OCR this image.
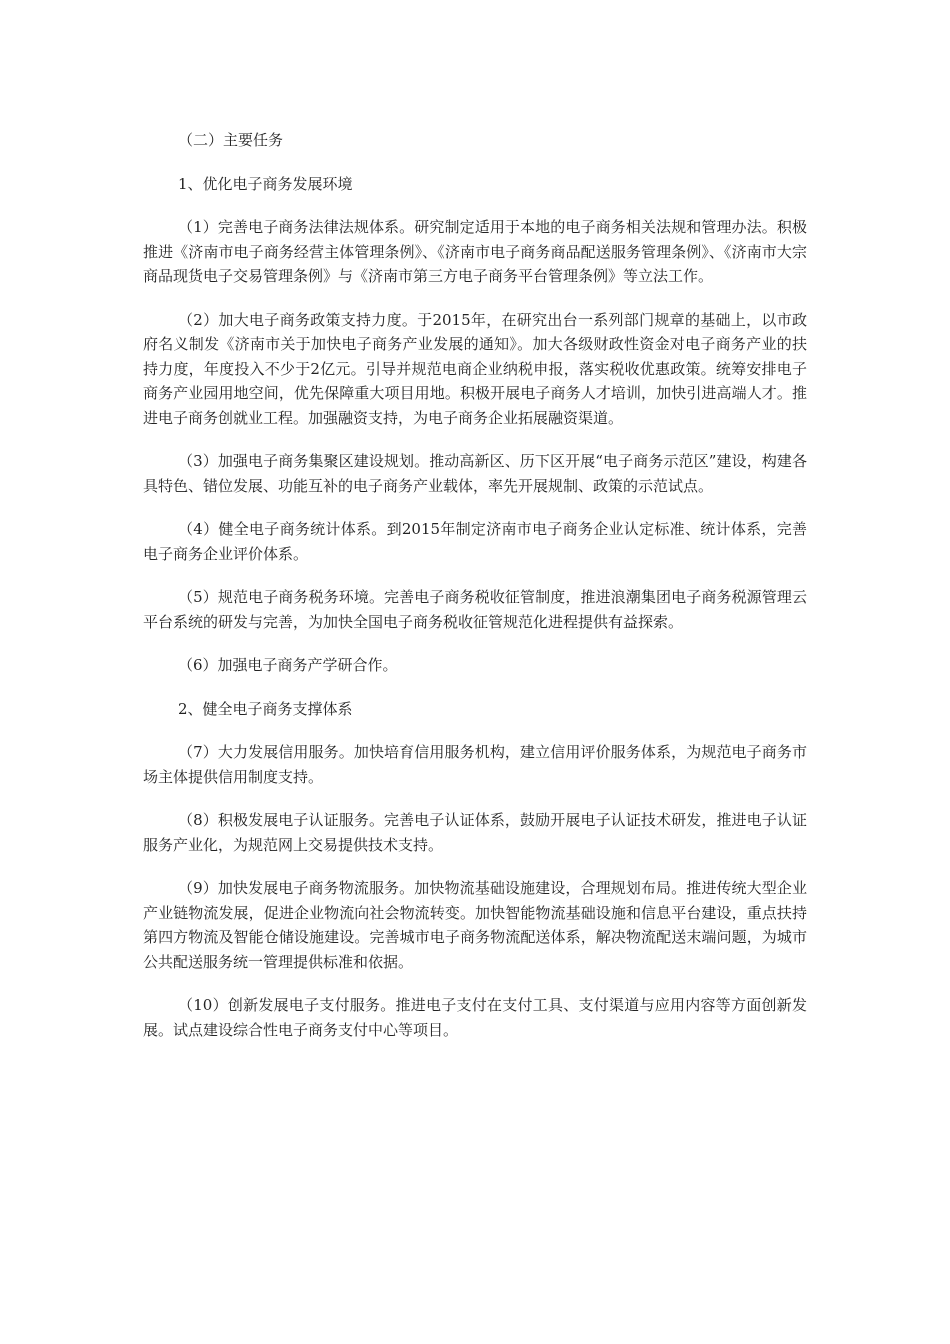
（二）主要任务

1、优化电子商务发展环境

（1）完善电子商务法律法规体系。研究制定适用于本地的电子商务相关法规和管理办法。积极推进《济南市电子商务经营主体管理条例》、《济南市电子商务商品配送服务管理条例》、《济南市大宗商品现货电子交易管理条例》与《济南市第三方电子商务平台管理条例》等立法工作。

（2）加大电子商务政策支持力度。于2015年，在研究出台一系列部门规章的基础上，以市政府名义制发《济南市关于加快电子商务产业发展的通知》。加大各级财政性资金对电子商务产业的扶持力度，年度投入不少于2亿元。引导并规范电商企业纳税申报，落实税收优惠政策。统筹安排电子商务产业园用地空间，优先保障重大项目用地。积极开展电子商务人才培训，加快引进高端人才。推进电子商务创就业工程。加强融资支持，为电子商务企业拓展融资渠道。

（3）加强电子商务集聚区建设规划。推动高新区、历下区开展“电子商务示范区”建设，构建各具特色、错位发展、功能互补的电子商务产业载体，率先开展规制、政策的示范试点。

（4）健全电子商务统计体系。到2015年制定济南市电子商务企业认定标准、统计体系，完善电子商务企业评价体系。

（5）规范电子商务税务环境。完善电子商务税收征管制度，推进浪潮集团电子商务税源管理云平台系统的研发与完善，为加快全国电子商务税收征管规范化进程提供有益探索。

（6）加强电子商务产学研合作。

2、健全电子商务支撑体系

（7）大力发展信用服务。加快培育信用服务机构，建立信用评价服务体系，为规范电子商务市场主体提供信用制度支持。

（8）积极发展电子认证服务。完善电子认证体系，鼓励开展电子认证技术研发，推进电子认证服务产业化，为规范网上交易提供技术支持。

（9）加快发展电子商务物流服务。加快物流基础设施建设，合理规划布局。推进传统大型企业产业链物流发展，促进企业物流向社会物流转变。加快智能物流基础设施和信息平台建设，重点扶持第四方物流及智能仓储设施建设。完善城市电子商务物流配送体系，解决物流配送末端问题，为城市公共配送服务统一管理提供标准和依据。

（10）创新发展电子支付服务。推进电子支付在支付工具、支付渠道与应用内容等方面创新发展。试点建设综合性电子商务支付中心等项目。
